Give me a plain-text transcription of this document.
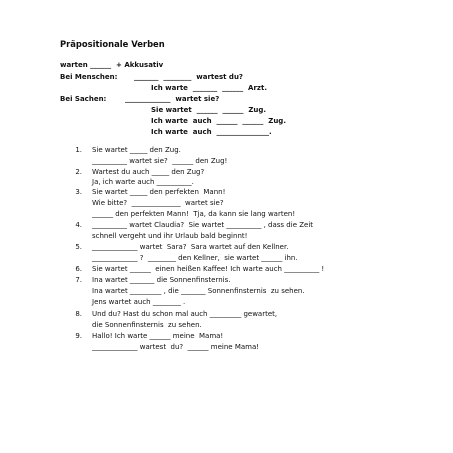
Präpositionale Verben
warten ______  + Akkusativ
Bei Menschen: _______  ________  wartest du?
Ich warte  _______  ______  Arzt.
Bei Sachen:	_____________  wartet sie?
Sie wartet  ______  ______  Zug.
Ich warte  auch  ______  ______  Zug.
Ich warte  auch  _______________.
1. Sie wartet _____ den Zug.
__________ wartet sie?  ______ den Zug!
2. Wartest du auch _____ den Zug?
Ja, ich warte auch __________.
3. Sie wartet _____ den perfekten  Mann!
Wie bitte?  ______________  wartet sie?
______ den perfekten Mann!  Tja, da kann sie lang warten!
4. __________ wartet Claudia?  Sie wartet __________ , dass die Zeit
schnell vergeht und ihr Urlaub bald beginnt!
5. _____________ wartet  Sara?  Sara wartet auf den Kellner.
_____________ ?  ________ den Kellner,  sie wartet ______ ihn.
6. Sie wartet ______  einen heißen Kaffee! Ich warte auch __________ !
7. Ina wartet _______ die Sonnenfinsternis.
Ina wartet _________ , die _______ Sonnenfinsternis  zu sehen.
Jens wartet auch ________ .
8. Und du? Hast du schon mal auch _________ gewartet,
die Sonnenfinsternis  zu sehen.
9. Hallo! Ich warte ______ meine  Mama!
_____________ wartest  du?  ______ meine Mama!
